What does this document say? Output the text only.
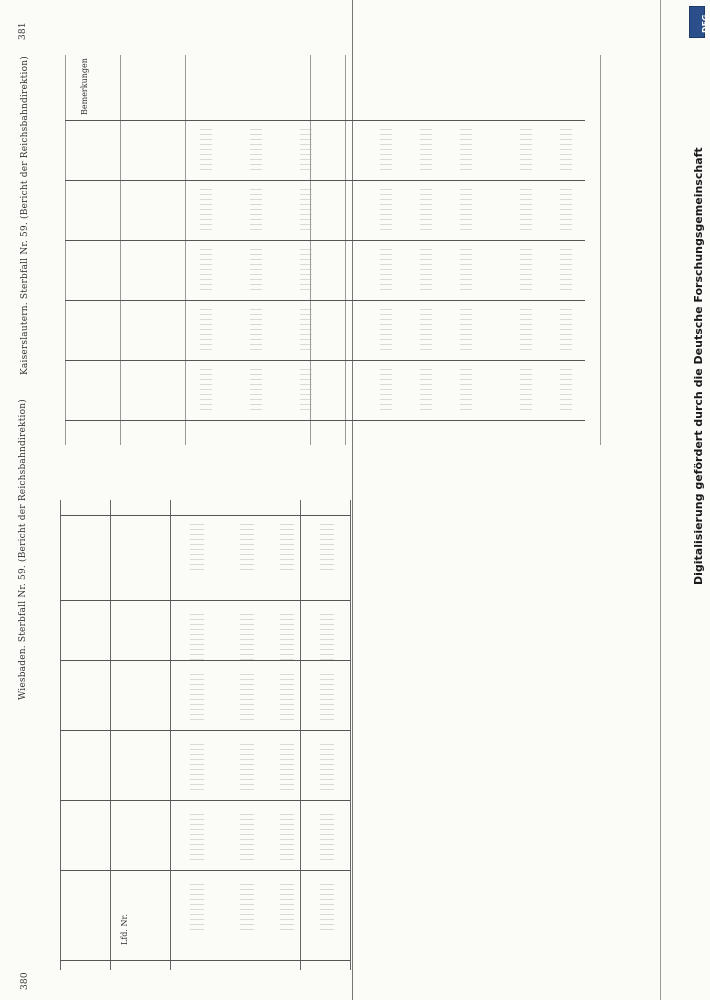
380
Wiesbaden. Sterbfall Nr. 59. (Bericht der Reichsbahndirektion)
Lfd. Nr.
381
Kaiserslautern. Sterbfall Nr. 59. (Bericht der Reichsbahndirektion)	Bemerkungen
Digitalisierung gefördert durch die Deutsche Forschungsgemeinschaft
DFG
